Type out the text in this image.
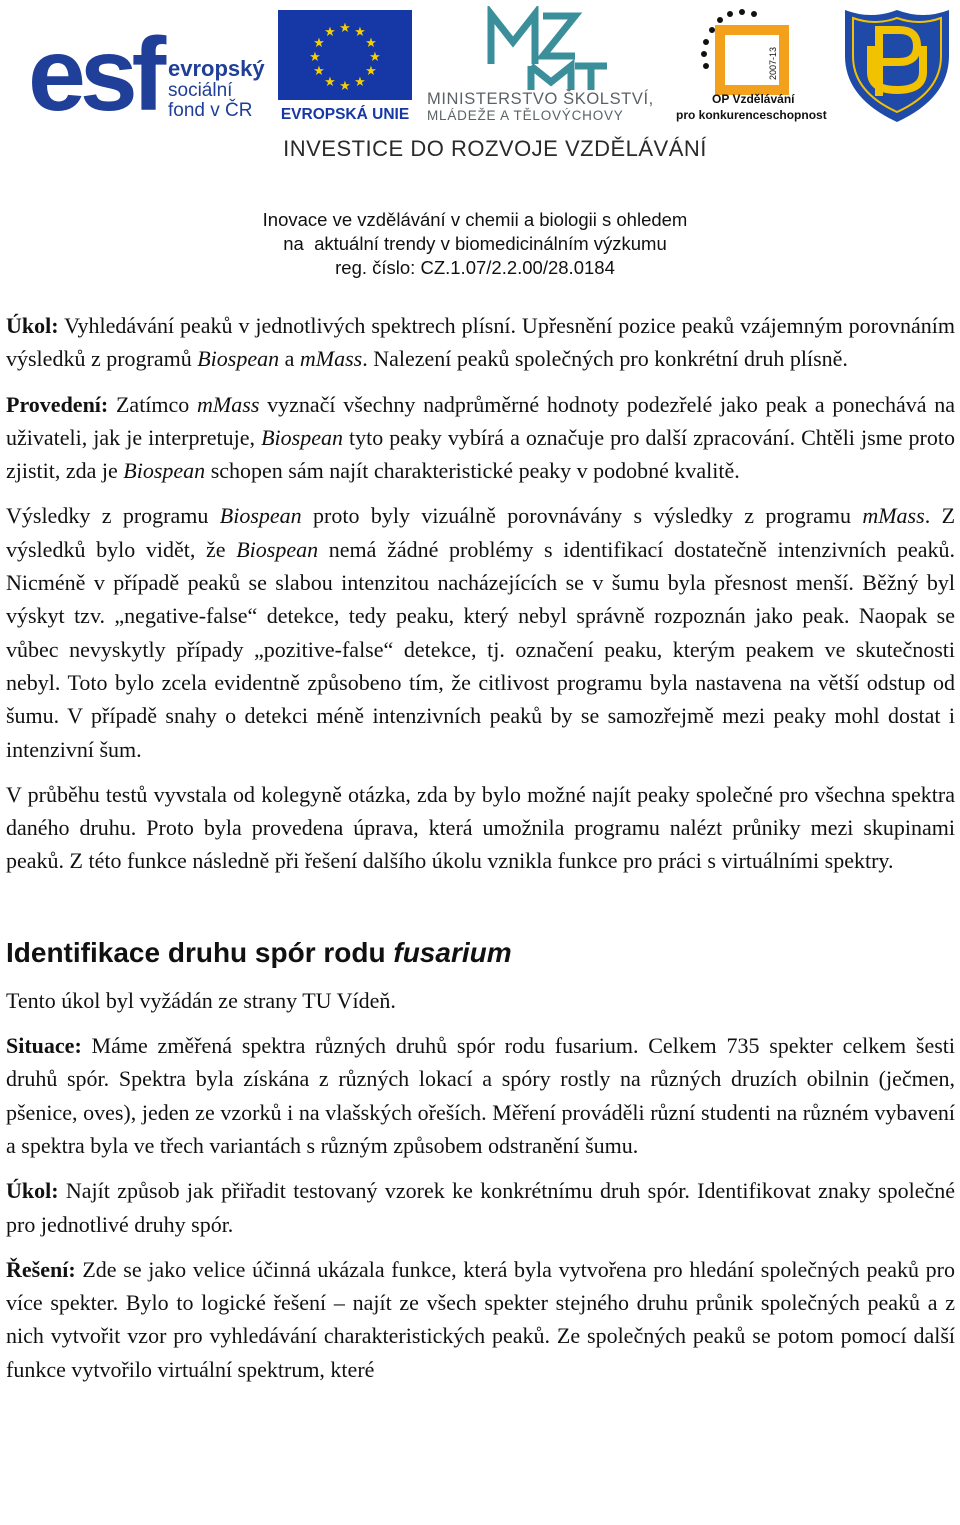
esf evropský
sociální
fond v ČR
★ ★
★
★
★
★
★
★
★
★
★
★
EVROPSKÁ UNIE
MINISTERSTVO ŠKOLSTVÍ,
MLÁDEŽE A TĚLOVÝCHOVY
2007-13
OP Vzdělávání
pro konkurenceschopnost
INVESTICE DO ROZVOJE VZDĚLÁVÁNÍ
Inovace ve vzdělávání v chemii a biologii s ohledem
na  aktuální trendy v biomedicinálním výzkumu
reg. číslo: CZ.1.07/2.2.00/28.0184

Úkol: Vyhledávání peaků v jednotlivých spektrech plísní. Upřesnění pozice peaků vzájemným porovnáním výsledků z programů Biospean a mMass. Nalezení peaků společných pro konkrétní druh plísně.

Provedení: Zatímco mMass vyznačí všechny nadprůměrné hodnoty podezřelé jako peak a ponechává na uživateli, jak je interpretuje, Biospean tyto peaky vybírá a označuje pro další zpracování. Chtěli jsme proto zjistit, zda je Biospean schopen sám najít charakteristické peaky v podobné kvalitě.

Výsledky z programu Biospean proto byly vizuálně porovnávány s výsledky z programu mMass. Z výsledků bylo vidět, že Biospean nemá žádné problémy s identifikací dostatečně intenzivních peaků. Nicméně v případě peaků se slabou intenzitou nacházejících se v šumu byla přesnost menší. Běžný byl výskyt tzv. „negative-false“ detekce, tedy peaku, který nebyl správně rozpoznán jako peak. Naopak se vůbec nevyskytly případy „pozitive-false“ detekce, tj. označení peaku, kterým peakem ve skutečnosti nebyl. Toto bylo zcela evidentně způsobeno tím, že citlivost programu byla nastavena na větší odstup od šumu. V případě snahy o detekci méně intenzivních peaků by se samozřejmě mezi peaky mohl dostat i intenzivní šum.

V průběhu testů vyvstala od kolegyně otázka, zda by bylo možné najít peaky společné pro všechna spektra daného druhu. Proto byla provedena úprava, která umožnila programu nalézt průniky mezi skupinami peaků. Z této funkce následně při řešení dalšího úkolu vznikla funkce pro práci s virtuálními spektry.

Identifikace druhu spór rodu fusarium

Tento úkol byl vyžádán ze strany TU Vídeň.

Situace: Máme změřená spektra různých druhů spór rodu fusarium. Celkem 735 spekter celkem šesti druhů spór. Spektra byla získána z různých lokací a spóry rostly na různých druzích obilnin (ječmen, pšenice, oves), jeden ze vzorků i na vlašských ořeších. Měření prováděli různí studenti na různém vybavení a spektra byla ve třech variantách s různým způsobem odstranění šumu.

Úkol: Najít způsob jak přiřadit testovaný vzorek ke konkrétnímu druh spór. Identifikovat znaky společné pro jednotlivé druhy spór.

Řešení: Zde se jako velice účinná ukázala funkce, která byla vytvořena pro hledání společných peaků pro více spekter. Bylo to logické řešení – najít ze všech spekter stejného druhu průnik společných peaků a z nich vytvořit vzor pro vyhledávání charakteristických peaků. Ze společných peaků se potom pomocí další funkce vytvořilo virtuální spektrum, které
